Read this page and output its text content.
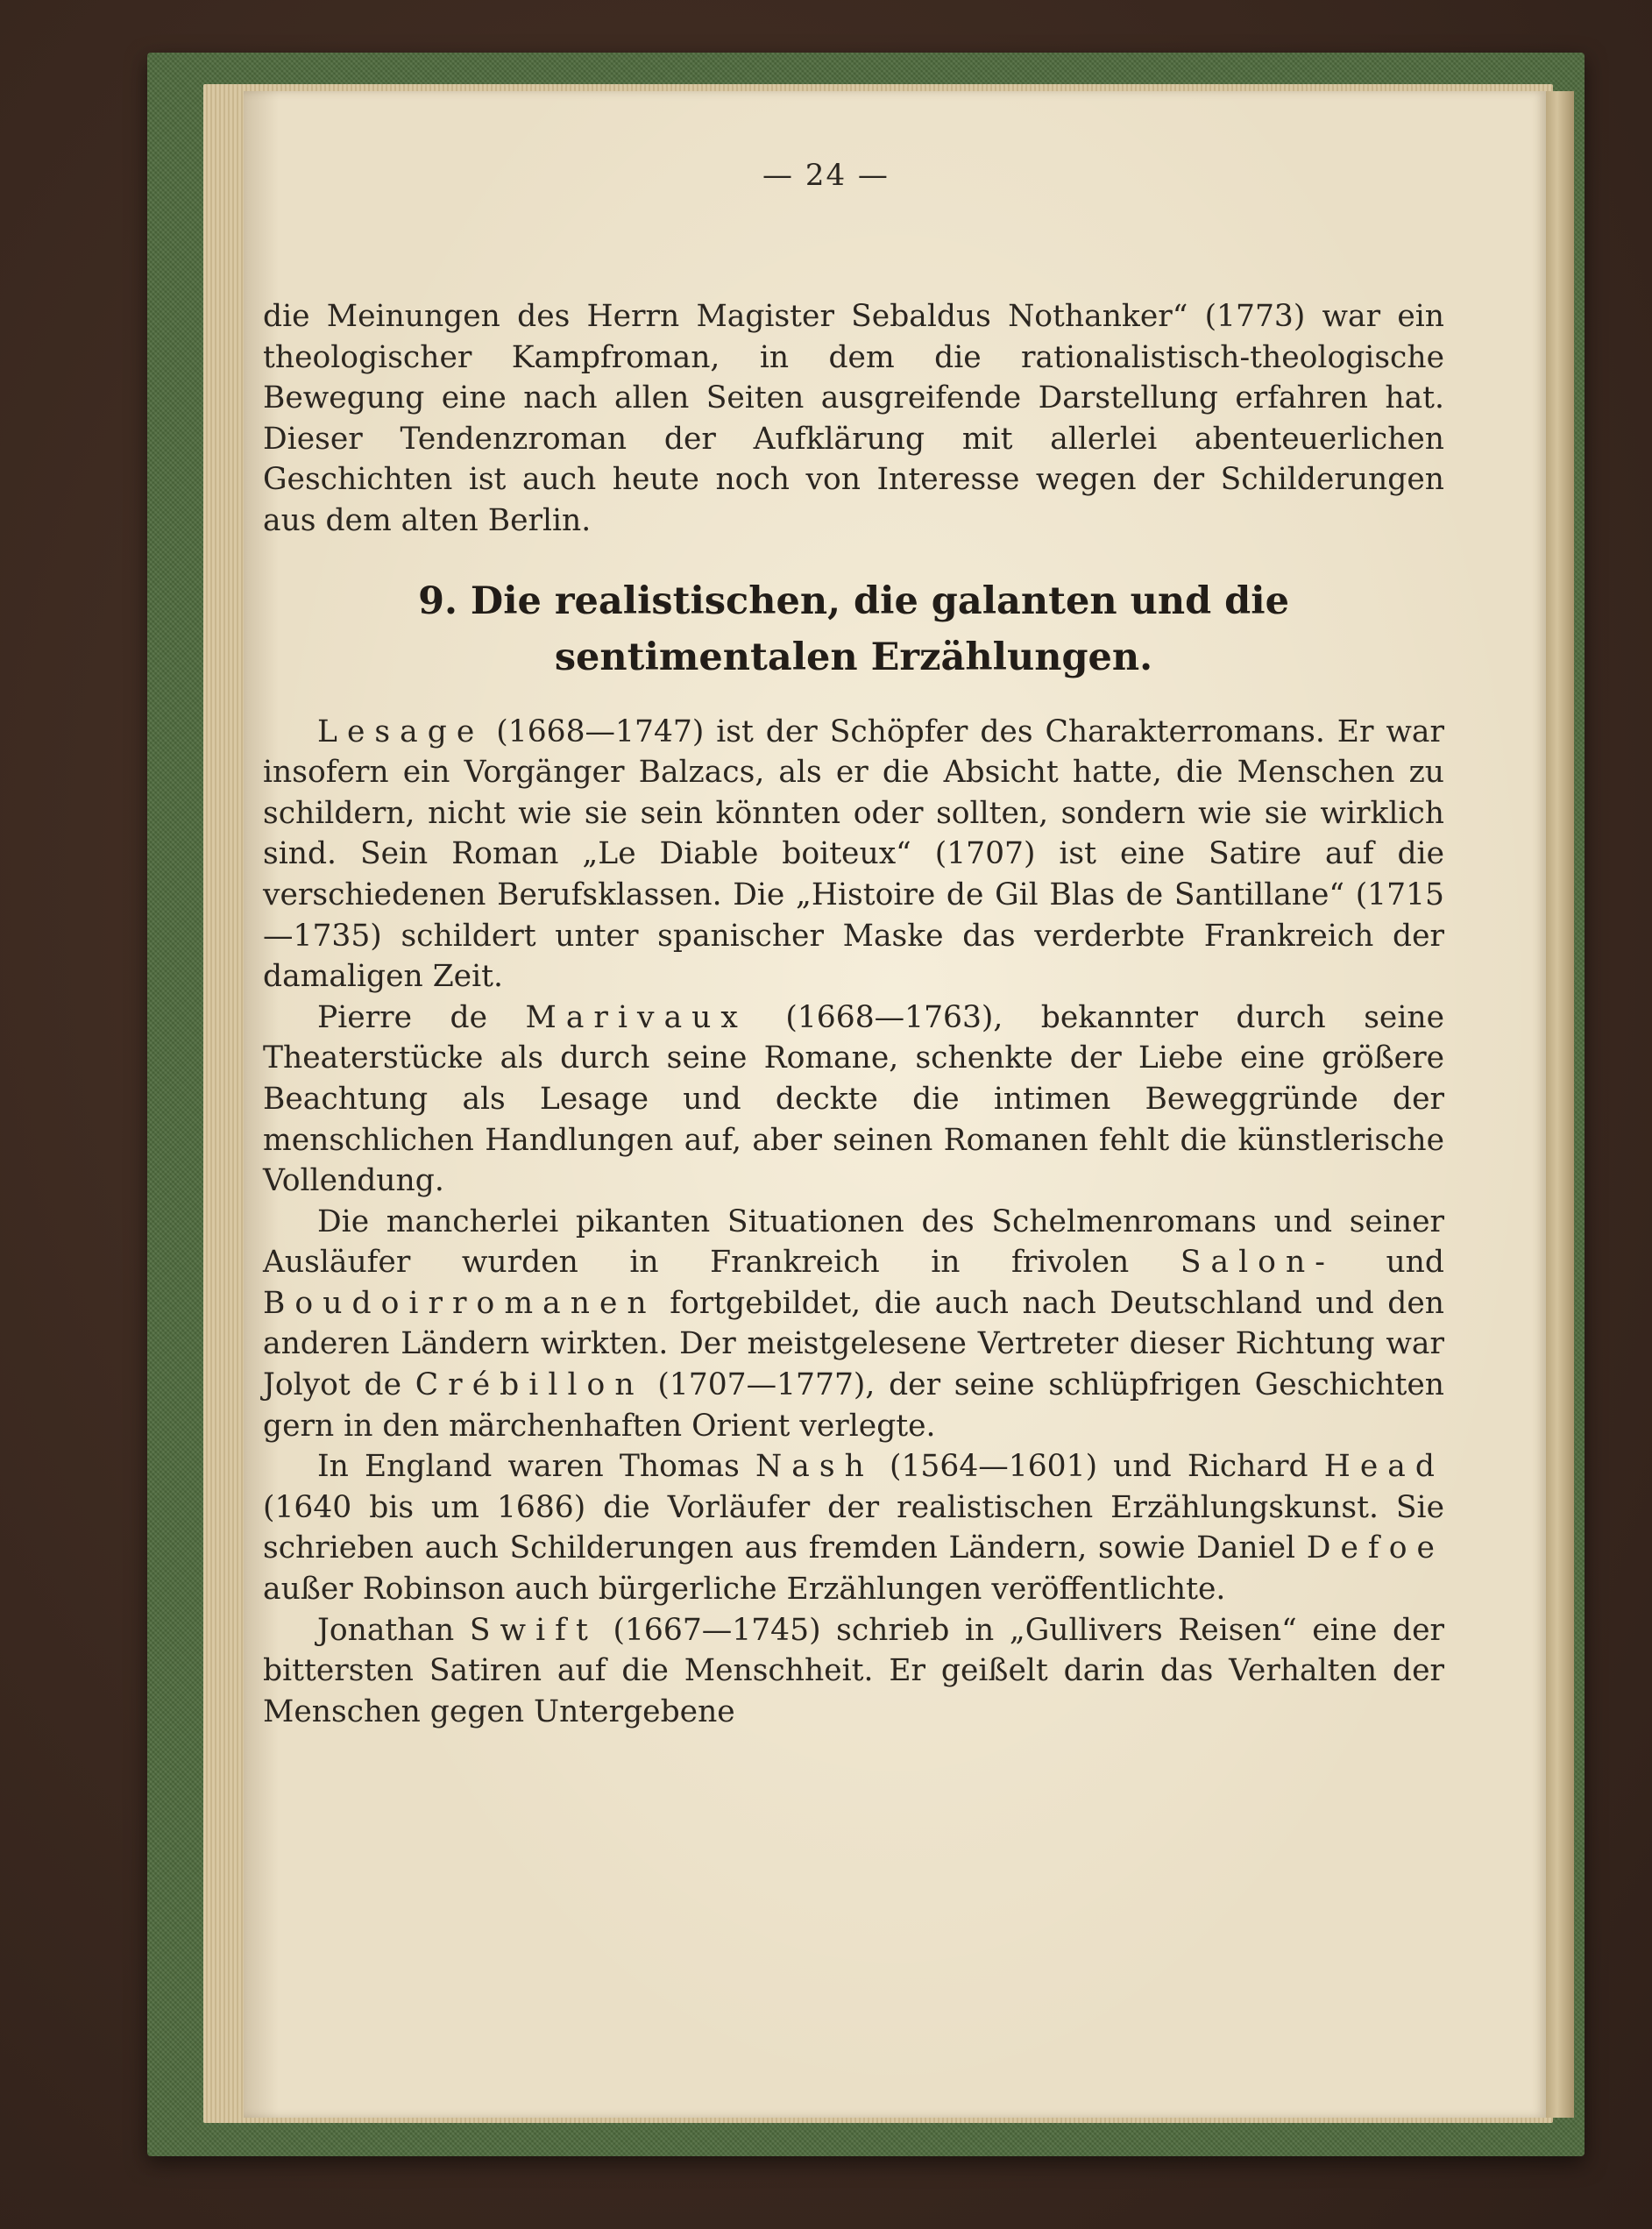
— 24 —

die Meinungen des Herrn Magister Sebaldus Nothanker“ (1773) war ein theologischer Kampfroman, in dem die rationalistisch-theologische Bewegung eine nach allen Seiten ausgreifende Darstellung erfahren hat. Dieser Tendenzroman der Aufklärung mit allerlei abenteuerlichen Geschichten ist auch heute noch von Interesse wegen der Schilderungen aus dem alten Berlin.

9. Die realistischen, die galanten und die
sentimentalen Erzählungen.

Lesage (1668—1747) ist der Schöpfer des Charakterromans. Er war insofern ein Vorgänger Balzacs, als er die Absicht hatte, die Menschen zu schildern, nicht wie sie sein könnten oder sollten, sondern wie sie wirklich sind. Sein Roman „Le Diable boiteux“ (1707) ist eine Satire auf die verschiedenen Berufsklassen. Die „Histoire de Gil Blas de Santillane“ (1715—1735) schildert unter spanischer Maske das verderbte Frankreich der damaligen Zeit.

Pierre de Marivaux (1668—1763), bekannter durch seine Theaterstücke als durch seine Romane, schenkte der Liebe eine größere Beachtung als Lesage und deckte die intimen Beweggründe der menschlichen Handlungen auf, aber seinen Romanen fehlt die künstlerische Vollendung.

Die mancherlei pikanten Situationen des Schelmenromans und seiner Ausläufer wurden in Frankreich in frivolen Salon- und Boudoirromanen fortgebildet, die auch nach Deutschland und den anderen Ländern wirkten. Der meistgelesene Vertreter dieser Richtung war Jolyot de Crébillon (1707—1777), der seine schlüpfrigen Geschichten gern in den märchenhaften Orient verlegte.

In England waren Thomas Nash (1564—1601) und Richard Head (1640 bis um 1686) die Vorläufer der realistischen Erzählungskunst. Sie schrieben auch Schilderungen aus fremden Ländern, sowie Daniel Defoe außer Robinson auch bürgerliche Erzählungen veröffentlichte.

Jonathan Swift (1667—1745) schrieb in „Gullivers Reisen“ eine der bittersten Satiren auf die Menschheit. Er geißelt darin das Verhalten der Menschen gegen Untergebene
